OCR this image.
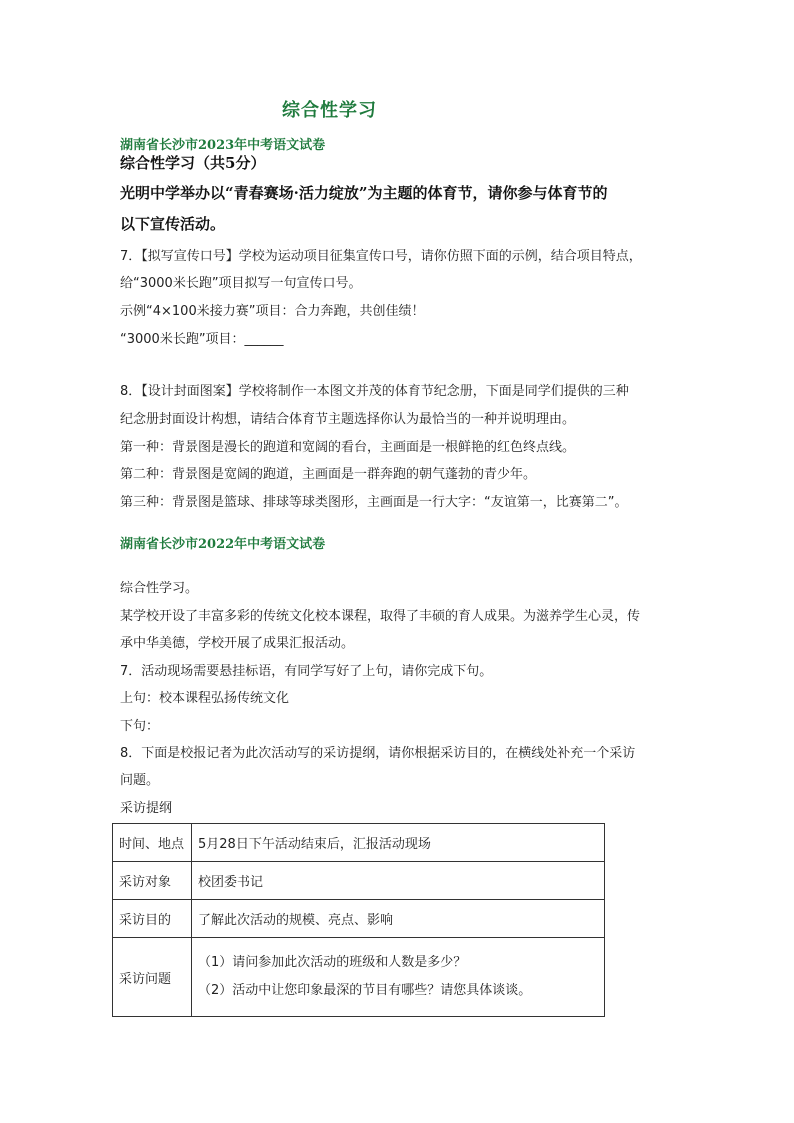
综合性学习
湖南省长沙市2023年中考语文试卷
综合性学习（共5分）
光明中学举办以“青春赛场·活力绽放”为主题的体育节，请你参与体育节的
以下宣传活动。
7．【拟写宣传口号】学校为运动项目征集宣传口号，请你仿照下面的示例，结合项目特点，
给“3000米长跑”项目拟写一句宣传口号。
示例“4×100米接力赛”项目：合力奔跑，共创佳绩！
“3000米长跑”项目：______
8．【设计封面图案】学校将制作一本图文并茂的体育节纪念册，下面是同学们提供的三种
纪念册封面设计构想，请结合体育节主题选择你认为最恰当的一种并说明理由。
第一种：背景图是漫长的跑道和宽阔的看台，主画面是一根鲜艳的红色终点线。
第二种：背景图是宽阔的跑道，主画面是一群奔跑的朝气蓬勃的青少年。
第三种：背景图是篮球、排球等球类图形，主画面是一行大字：“友谊第一，比赛第二”。
湖南省长沙市2022年中考语文试卷
综合性学习。
某学校开设了丰富多彩的传统文化校本课程，取得了丰硕的育人成果。为滋养学生心灵，传
承中华美德，学校开展了成果汇报活动。
7．活动现场需要悬挂标语，有同学写好了上句，请你完成下句。
上句：校本课程弘扬传统文化
下句：
8．下面是校报记者为此次活动写的采访提纲，请你根据采访目的，在横线处补充一个采访
问题。
采访提纲
时间、地点	5月28日下午活动结束后，汇报活动现场
采访对象	校团委书记
采访目的	了解此次活动的规模、亮点、影响
采访问题	（1）请问参加此次活动的班级和人数是多少？
（2）活动中让您印象最深的节目有哪些？请您具体谈谈。
